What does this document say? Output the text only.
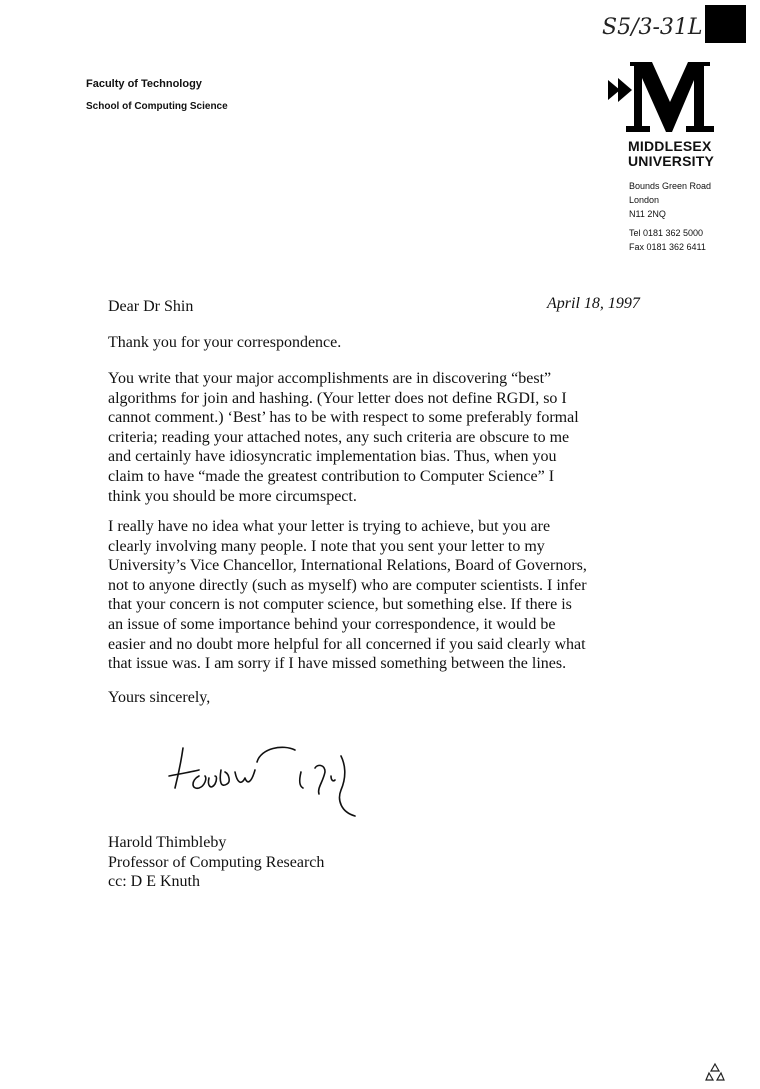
S5/3-31L
Faculty of Technology
School of Computing Science
MIDDLESEX
UNIVERSITY
Bounds Green Road
London
N11 2NQ
Tel 0181 362 5000
Fax 0181 362 6411
Dear Dr Shin	April 18, 1997

Thank you for your correspondence.

You write that your major accomplishments are in discovering “best”

algorithms for join and hashing. (Your letter does not define RGDI, so I

cannot comment.) ‘Best’ has to be with respect to some preferably formal

criteria; reading your attached notes, any such criteria are obscure to me

and certainly have idiosyncratic implementation bias. Thus, when you

claim to have “made the greatest contribution to Computer Science” I

think you should be more circumspect.

I really have no idea what your letter is trying to achieve, but you are

clearly involving many people. I note that you sent your letter to my

University’s Vice Chancellor, International Relations, Board of Governors,

not to anyone directly (such as myself) who are computer scientists. I infer

that your concern is not computer science, but something else. If there is

an issue of some importance behind your correspondence, it would be

easier and no doubt more helpful for all concerned if you said clearly what

that issue was. I am sorry if I have missed something between the lines.

Yours sincerely,

Harold Thimbleby
Professor of Computing Research
cc: D E Knuth
